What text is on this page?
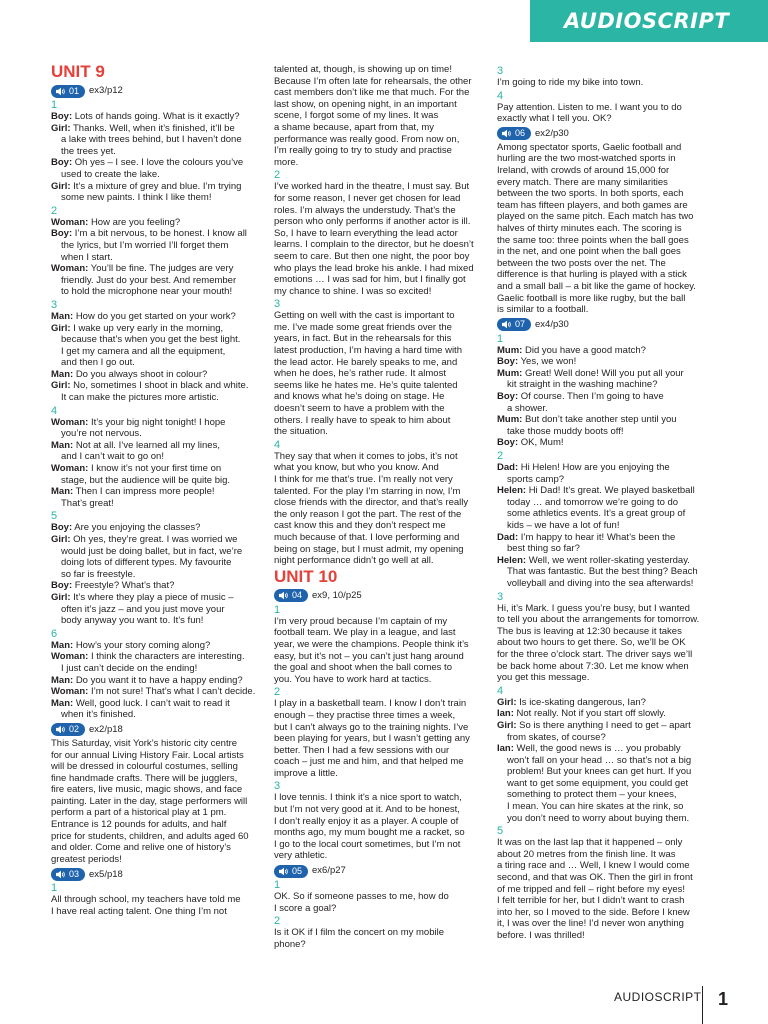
AUDIOSCRIPT
UNIT 9
01 ex3/p12
1
Boy: Lots of hands going. What is it exactly?
Girl: Thanks. Well, when it’s finished, it’ll be
a lake with trees behind, but I haven’t done
the trees yet.
Boy: Oh yes – I see. I love the colours you’ve
used to create the lake.
Girl: It’s a mixture of grey and blue. I’m trying
some new paints. I think I like them!
2
Woman: How are you feeling?
Boy: I’m a bit nervous, to be honest. I know all
the lyrics, but I’m worried I’ll forget them
when I start.
Woman: You’ll be fine. The judges are very
friendly. Just do your best. And remember
to hold the microphone near your mouth!
3
Man: How do you get started on your work?
Girl: I wake up very early in the morning,
because that’s when you get the best light.
I get my camera and all the equipment,
and then I go out.
Man: Do you always shoot in colour?
Girl: No, sometimes I shoot in black and white.
It can make the pictures more artistic.
4
Woman: It’s your big night tonight! I hope
you’re not nervous.
Man: Not at all. I’ve learned all my lines,
and I can’t wait to go on!
Woman: I know it’s not your first time on
stage, but the audience will be quite big.
Man: Then I can impress more people!
That’s great!
5
Boy: Are you enjoying the classes?
Girl: Oh yes, they’re great. I was worried we
would just be doing ballet, but in fact, we’re
doing lots of different types. My favourite
so far is freestyle.
Boy: Freestyle? What’s that?
Girl: It’s where they play a piece of music –
often it’s jazz – and you just move your
body anyway you want to. It’s fun!
6
Man: How’s your story coming along?
Woman: I think the characters are interesting.
I just can’t decide on the ending!
Man: Do you want it to have a happy ending?
Woman: I’m not sure! That’s what I can’t decide.
Man: Well, good luck. I can’t wait to read it
when it’s finished.
02 ex2/p18
This Saturday, visit York’s historic city centre
for our annual Living History Fair. Local artists
will be dressed in colourful costumes, selling
fine handmade crafts. There will be jugglers,
fire eaters, live music, magic shows, and face
painting. Later in the day, stage performers will
perform a part of a historical play at 1 pm.
Entrance is 12 pounds for adults, and half
price for students, children, and adults aged 60
and older. Come and relive one of history’s
greatest periods!
03 ex5/p18
1
All through school, my teachers have told me
I have real acting talent. One thing I’m not
talented at, though, is showing up on time!
Because I’m often late for rehearsals, the other
cast members don’t like me that much. For the
last show, on opening night, in an important
scene, I forgot some of my lines. It was
a shame because, apart from that, my
performance was really good. From now on,
I’m really going to try to study and practise
more.
2
I’ve worked hard in the theatre, I must say. But
for some reason, I never get chosen for lead
roles. I’m always the understudy. That’s the
person who only performs if another actor is ill.
So, I have to learn everything the lead actor
learns. I complain to the director, but he doesn’t
seem to care. But then one night, the poor boy
who plays the lead broke his ankle. I had mixed
emotions … I was sad for him, but I finally got
my chance to shine. I was so excited!
3
Getting on well with the cast is important to
me. I’ve made some great friends over the
years, in fact. But in the rehearsals for this
latest production, I’m having a hard time with
the lead actor. He barely speaks to me, and
when he does, he’s rather rude. It almost
seems like he hates me. He’s quite talented
and knows what he’s doing on stage. He
doesn’t seem to have a problem with the
others. I really have to speak to him about
the situation.
4
They say that when it comes to jobs, it’s not
what you know, but who you know. And
I think for me that’s true. I’m really not very
talented. For the play I’m starring in now, I’m
close friends with the director, and that’s really
the only reason I got the part. The rest of the
cast know this and they don’t respect me
much because of that. I love performing and
being on stage, but I must admit, my opening
night performance didn’t go well at all.
UNIT 10
04 ex9, 10/p25
1
I’m very proud because I’m captain of my
football team. We play in a league, and last
year, we were the champions. People think it’s
easy, but it’s not – you can’t just hang around
the goal and shoot when the ball comes to
you. You have to work hard at tactics.
2
I play in a basketball team. I know I don’t train
enough – they practise three times a week,
but I can’t always go to the training nights. I’ve
been playing for years, but I wasn’t getting any
better. Then I had a few sessions with our
coach – just me and him, and that helped me
improve a little.
3
I love tennis. I think it’s a nice sport to watch,
but I’m not very good at it. And to be honest,
I don’t really enjoy it as a player. A couple of
months ago, my mum bought me a racket, so
I go to the local court sometimes, but I’m not
very athletic.
05 ex6/p27
1
OK. So if someone passes to me, how do
I score a goal?
2
Is it OK if I film the concert on my mobile
phone?
3
I’m going to ride my bike into town.
4
Pay attention. Listen to me. I want you to do
exactly what I tell you. OK?
06 ex2/p30
Among spectator sports, Gaelic football and
hurling are the two most-watched sports in
Ireland, with crowds of around 15,000 for
every match. There are many similarities
between the two sports. In both sports, each
team has fifteen players, and both games are
played on the same pitch. Each match has two
halves of thirty minutes each. The scoring is
the same too: three points when the ball goes
in the net, and one point when the ball goes
between the two posts over the net. The
difference is that hurling is played with a stick
and a small ball – a bit like the game of hockey.
Gaelic football is more like rugby, but the ball
is similar to a football.
07 ex4/p30
1
Mum: Did you have a good match?
Boy: Yes, we won!
Mum: Great! Well done! Will you put all your
kit straight in the washing machine?
Boy: Of course. Then I’m going to have
a shower.
Mum: But don’t take another step until you
take those muddy boots off!
Boy: OK, Mum!
2
Dad: Hi Helen! How are you enjoying the
sports camp?
Helen: Hi Dad! It’s great. We played basketball
today … and tomorrow we’re going to do
some athletics events. It’s a great group of
kids – we have a lot of fun!
Dad: I’m happy to hear it! What’s been the
best thing so far?
Helen: Well, we went roller-skating yesterday.
That was fantastic. But the best thing? Beach
volleyball and diving into the sea afterwards!
3
Hi, it’s Mark. I guess you’re busy, but I wanted
to tell you about the arrangements for tomorrow.
The bus is leaving at 12:30 because it takes
about two hours to get there. So, we’ll be OK
for the three o’clock start. The driver says we’ll
be back home about 7:30. Let me know when
you get this message.
4
Girl: Is ice-skating dangerous, Ian?
Ian: Not really. Not if you start off slowly.
Girl: So is there anything I need to get – apart
from skates, of course?
Ian: Well, the good news is … you probably
won’t fall on your head … so that’s not a big
problem! But your knees can get hurt. If you
want to get some equipment, you could get
something to protect them – your knees,
I mean. You can hire skates at the rink, so
you don’t need to worry about buying them.
5
It was on the last lap that it happened – only
about 20 metres from the finish line. It was
a tiring race and … Well, I knew I would come
second, and that was OK. Then the girl in front
of me tripped and fell – right before my eyes!
I felt terrible for her, but I didn’t want to crash
into her, so I moved to the side. Before I knew
it, I was over the line! I’d never won anything
before. I was thrilled!
AUDIOSCRIPT 1
